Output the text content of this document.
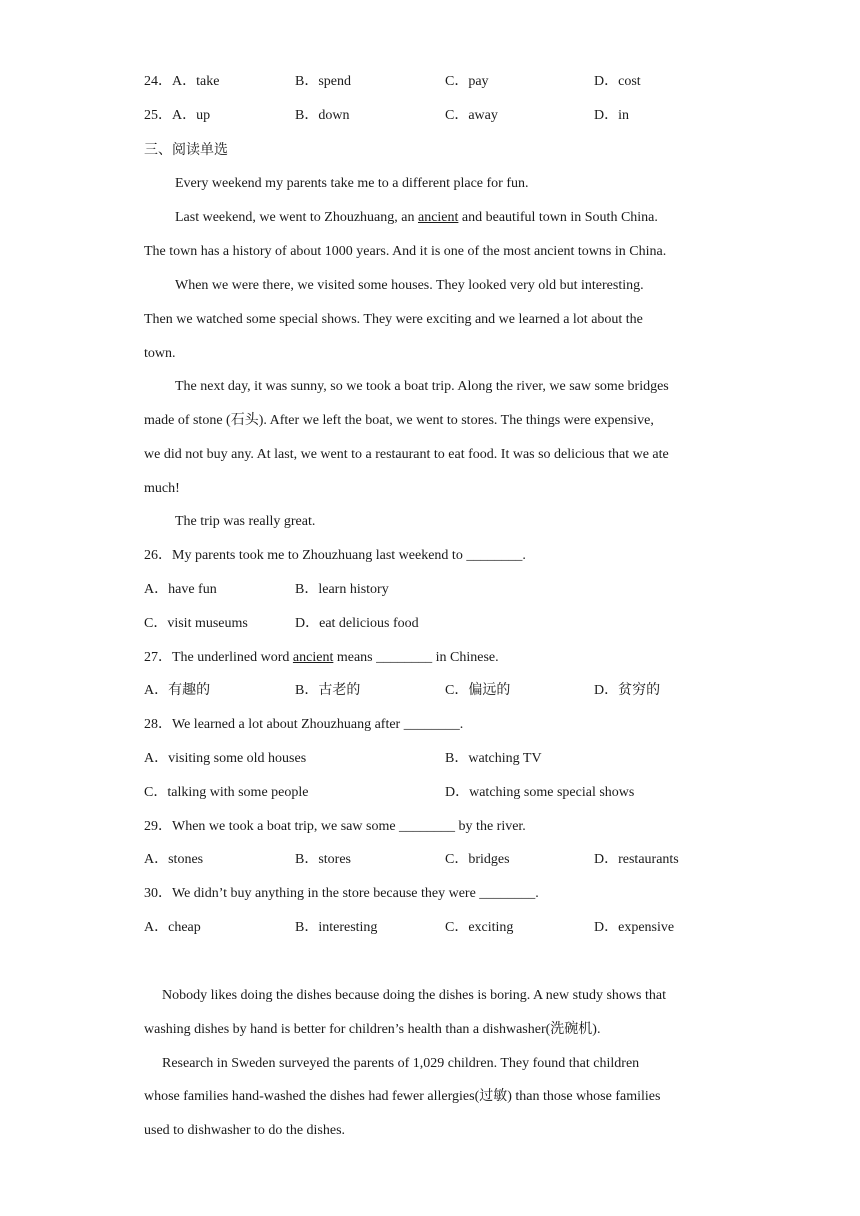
24．A．take	B．spend	C．pay	D．cost
25．A．up	B．down	C．away	D．in
三、阅读单选
Every weekend my parents take me to a different place for fun.
Last weekend, we went to Zhouzhuang, an ancient and beautiful town in South China.
The town has a history of about 1000 years. And it is one of the most ancient towns in China.
When we were there, we visited some houses. They looked very old but interesting.
Then we watched some special shows. They were exciting and we learned a lot about the
town.
The next day, it was sunny, so we took a boat trip. Along the river, we saw some bridges
made of stone (石头). After we left the boat, we went to stores. The things were expensive,
we did not buy any. At last, we went to a restaurant to eat food. It was so delicious that we ate
much!
The trip was really great.
26．My parents took me to Zhouzhuang last weekend to ________.
A．have fun	B．learn history
C．visit museums	D．eat delicious food
27．The underlined word ancient means ________ in Chinese.
A．有趣的	B．古老的	C．偏远的	D．贫穷的
28．We learned a lot about Zhouzhuang after ________.
A．visiting some old houses	B．watching TV
C．talking with some people	D．watching some special shows
29．When we took a boat trip, we saw some ________ by the river.
A．stones	B．stores	C．bridges	D．restaurants
30．We didn’t buy anything in the store because they were ________.
A．cheap	B．interesting	C．exciting	D．expensive
Nobody likes doing the dishes because doing the dishes is boring. A new study shows that
washing dishes by hand is better for children’s health than a dishwasher(洗碗机).
Research in Sweden surveyed the parents of 1,029 children. They found that children
whose families hand-washed the dishes had fewer allergies(过敏) than those whose families
used to dishwasher to do the dishes.
